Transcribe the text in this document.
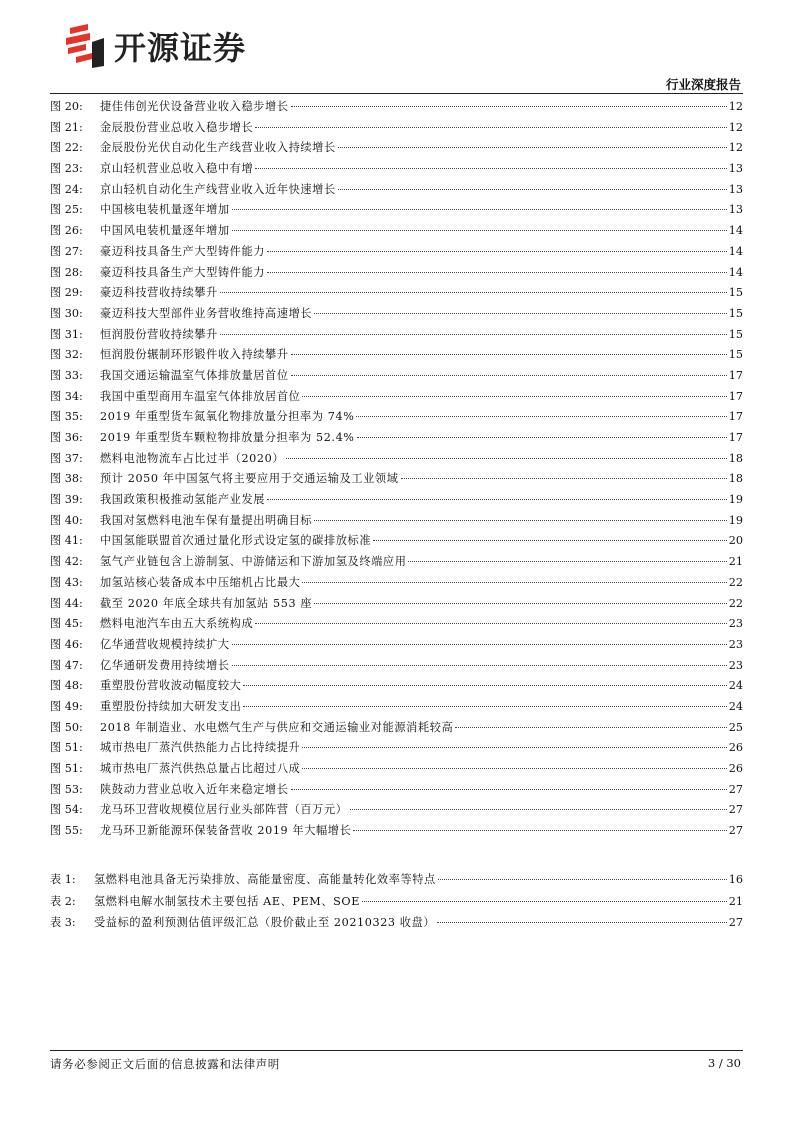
开源证券
行业深度报告
图 20:	捷佳伟创光伏设备营业收入稳步增长	12
图 21:	金辰股份营业总收入稳步增长	12
图 22:	金辰股份光伏自动化生产线营业收入持续增长	12
图 23:	京山轻机营业总收入稳中有增	13
图 24:	京山轻机自动化生产线营业收入近年快速增长	13
图 25:	中国核电装机量逐年增加	13
图 26:	中国风电装机量逐年增加	14
图 27:	豪迈科技具备生产大型铸件能力	14
图 28:	豪迈科技具备生产大型铸件能力	14
图 29:	豪迈科技营收持续攀升	15
图 30:	豪迈科技大型部件业务营收维持高速增长	15
图 31:	恒润股份营收持续攀升	15
图 32:	恒润股份辗制环形锻件收入持续攀升	15
图 33:	我国交通运输温室气体排放量居首位	17
图 34:	我国中重型商用车温室气体排放居首位	17
图 35:	2019 年重型货车氮氧化物排放量分担率为 74%	17
图 36:	2019 年重型货车颗粒物排放量分担率为 52.4%	17
图 37:	燃料电池物流车占比过半（2020）	18
图 38:	预计 2050 年中国氢气将主要应用于交通运输及工业领域	18
图 39:	我国政策积极推动氢能产业发展	19
图 40:	我国对氢燃料电池车保有量提出明确目标	19
图 41:	中国氢能联盟首次通过量化形式设定氢的碳排放标准	20
图 42:	氢气产业链包含上游制氢、中游储运和下游加氢及终端应用	21
图 43:	加氢站核心装备成本中压缩机占比最大	22
图 44:	截至 2020 年底全球共有加氢站 553 座	22
图 45:	燃料电池汽车由五大系统构成	23
图 46:	亿华通营收规模持续扩大	23
图 47:	亿华通研发费用持续增长	23
图 48:	重塑股份营收波动幅度较大	24
图 49:	重塑股份持续加大研发支出	24
图 50:	2018 年制造业、水电燃气生产与供应和交通运输业对能源消耗较高	25
图 51:	城市热电厂蒸汽供热能力占比持续提升	26
图 51:	城市热电厂蒸汽供热总量占比超过八成	26
图 53:	陕鼓动力营业总收入近年来稳定增长	27
图 54:	龙马环卫营收规模位居行业头部阵营（百万元）	27
图 55:	龙马环卫新能源环保装备营收 2019 年大幅增长	27
表 1:	氢燃料电池具备无污染排放、高能量密度、高能量转化效率等特点	16
表 2:	氢燃料电解水制氢技术主要包括 AE、PEM、SOE	21
表 3:	受益标的盈利预测估值评级汇总（股价截止至 20210323 收盘）	27
请务必参阅正文后面的信息披露和法律声明	3 / 30
